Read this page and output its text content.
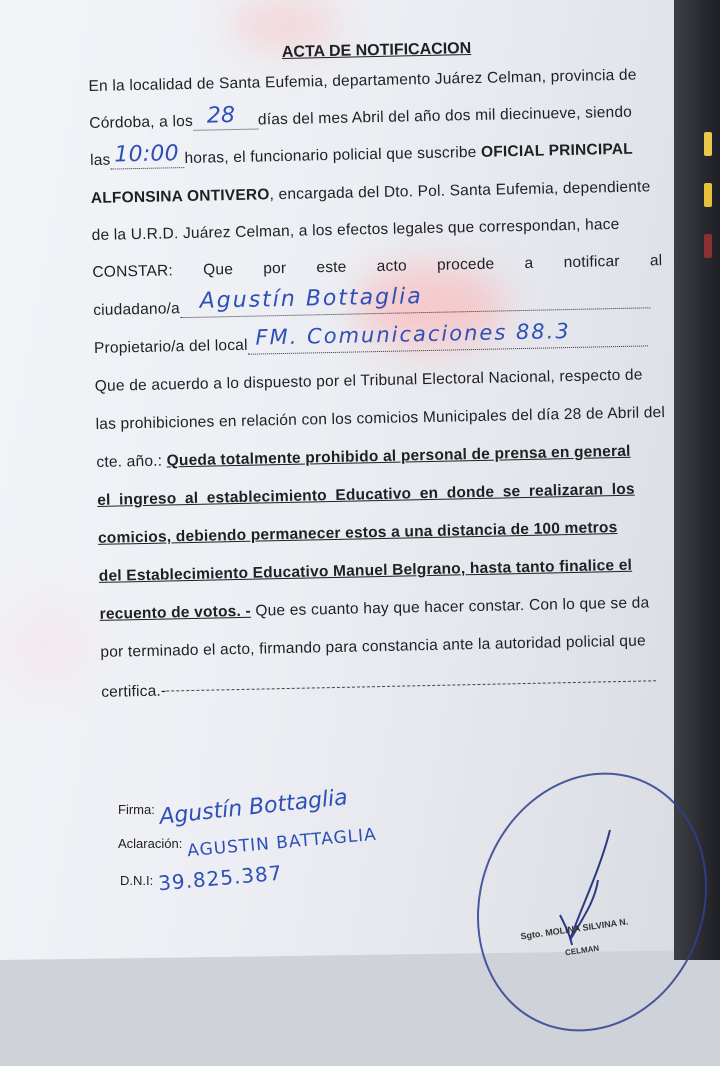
ACTA DE NOTIFICACION
En la localidad de Santa Eufemia, departamento Juárez Celman, provincia de
Córdoba, a los 28 días del mes Abril del año dos mil diecinueve, siendo
las 10:00 horas, el funcionario policial que suscribe OFICIAL PRINCIPAL
ALFONSINA ONTIVERO, encargada del Dto. Pol. Santa Eufemia, dependiente
de la U.R.D. Juárez Celman, a los efectos legales que correspondan, hace
CONSTAR: Que por este acto procede a notificar al
ciudadano/a Agustín Bottaglia
Propietario/a del local FM. Comunicaciones 88.3
Que de acuerdo a lo dispuesto por el Tribunal Electoral Nacional, respecto de
las prohibiciones en relación con los comicios Municipales del día 28 de Abril del
cte. año.: Queda totalmente prohibido al personal de prensa en general
el ingreso al establecimiento Educativo en donde se realizaran los
comicios, debiendo permanecer estos a una distancia de 100 metros
del Establecimiento Educativo Manuel Belgrano, hasta tanto finalice el
recuento de votos. - Que es cuanto hay que hacer constar. Con lo que se da
por terminado el acto, firmando para constancia ante la autoridad policial que
certifica.-
Firma: Agustín Bottaglia
Aclaración: AGUSTIN BATTAGLIA
D.N.I: 39.825.387
Sgto. MOLINA SILVINA N.
CELMAN
